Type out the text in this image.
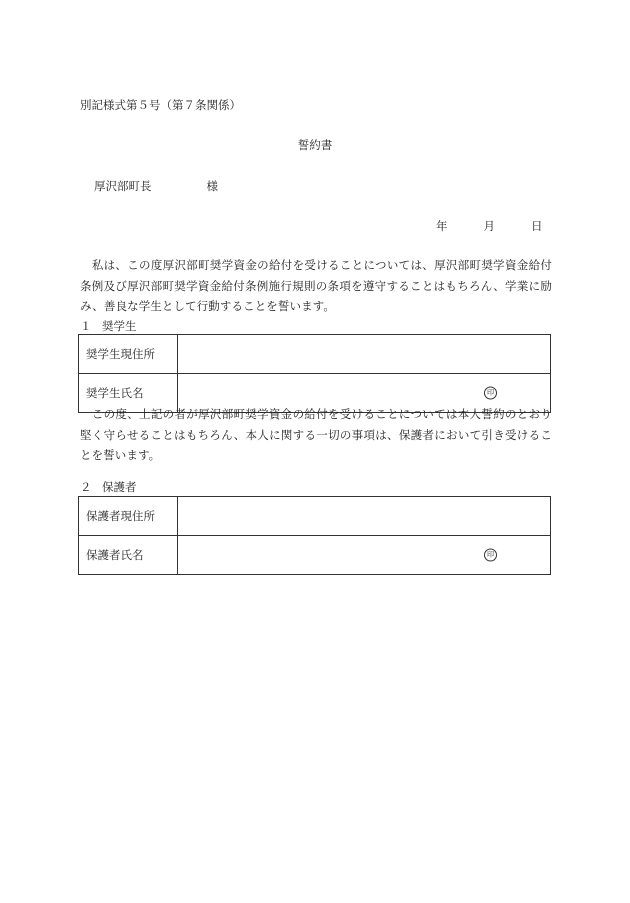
別記様式第５号（第７条関係）
誓約書
厚沢部町長	様
年	月	日
　私は、この度厚沢部町奨学資金の給付を受けることについては、厚沢部町奨学資金給付条例及び厚沢部町奨学資金給付条例施行規則の条項を遵守することはもちろん、学業に励み、善良な学生として行動することを誓います。
１ 奨学生
奨学生現住所	
奨学生氏名	印
　この度、上記の者が厚沢部町奨学資金の給付を受けることについては本人誓約のとおり堅く守らせることはもちろん、本人に関する一切の事項は、保護者において引き受けることを誓います。
２ 保護者
保護者現住所	
保護者氏名	印
